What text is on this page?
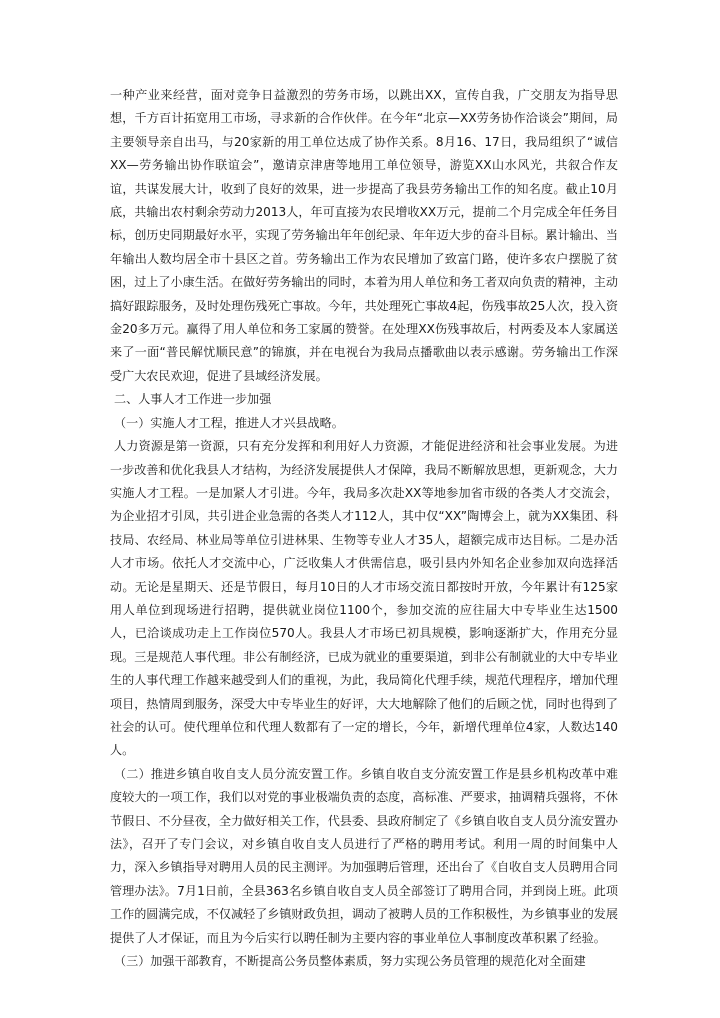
一种产业来经营，面对竞争日益激烈的劳务市场，以跳出XX，宣传自我，广交朋友为指导思想，千方百计拓宽用工市场，寻求新的合作伙伴。在今年“北京—XX劳务协作洽谈会”期间，局主要领导亲自出马，与20家新的用工单位达成了协作关系。8月16、17日，我局组织了“诚信XX—劳务输出协作联谊会”，邀请京津唐等地用工单位领导，游览XX山水风光，共叙合作友谊，共谋发展大计，收到了良好的效果，进一步提高了我县劳务输出工作的知名度。截止10月底，共输出农村剩余劳动力2013人，年可直接为农民增收XX万元，提前二个月完成全年任务目标，创历史同期最好水平，实现了劳务输出年年创纪录、年年迈大步的奋斗目标。累计输出、当年输出人数均居全市十县区之首。劳务输出工作为农民增加了致富门路，使许多农户摆脱了贫困，过上了小康生活。在做好劳务输出的同时，本着为用人单位和务工者双向负责的精神，主动搞好跟踪服务，及时处理伤残死亡事故。今年，共处理死亡事故4起，伤残事故25人次，投入资金20多万元。赢得了用人单位和务工家属的赞誉。在处理XX伤残事故后，村两委及本人家属送来了一面“普民解忧顺民意”的锦旗，并在电视台为我局点播歌曲以表示感谢。劳务输出工作深受广大农民欢迎，促进了县域经济发展。

二、人事人才工作进一步加强

（一）实施人才工程，推进人才兴县战略。

人力资源是第一资源，只有充分发挥和利用好人力资源，才能促进经济和社会事业发展。为进一步改善和优化我县人才结构，为经济发展提供人才保障，我局不断解放思想，更新观念，大力实施人才工程。一是加紧人才引进。今年，我局多次赴XX等地参加省市级的各类人才交流会，为企业招才引凤，共引进企业急需的各类人才112人，其中仅“XX”陶博会上，就为XX集团、科技局、农经局、林业局等单位引进林果、生物等专业人才35人，超额完成市达目标。二是办活人才市场。依托人才交流中心，广泛收集人才供需信息，吸引县内外知名企业参加双向选择活动。无论是星期天、还是节假日，每月10日的人才市场交流日都按时开放，今年累计有125家用人单位到现场进行招聘，提供就业岗位1100个，参加交流的应往届大中专毕业生达1500人，已洽谈成功走上工作岗位570人。我县人才市场已初具规模，影响逐渐扩大，作用充分显现。三是规范人事代理。非公有制经济，已成为就业的重要渠道，到非公有制就业的大中专毕业生的人事代理工作越来越受到人们的重视，为此，我局简化代理手续，规范代理程序，增加代理项目，热情周到服务，深受大中专毕业生的好评，大大地解除了他们的后顾之忧，同时也得到了社会的认可。使代理单位和代理人数都有了一定的增长，今年，新增代理单位4家，人数达140人。

（二）推进乡镇自收自支人员分流安置工作。乡镇自收自支分流安置工作是县乡机构改革中难度较大的一项工作，我们以对党的事业极端负责的态度，高标准、严要求，抽调精兵强将，不休节假日、不分昼夜，全力做好相关工作，代县委、县政府制定了《乡镇自收自支人员分流安置办法》，召开了专门会议，对乡镇自收自支人员进行了严格的聘用考试。利用一周的时间集中人力，深入乡镇指导对聘用人员的民主测评。为加强聘后管理，还出台了《自收自支人员聘用合同管理办法》。7月1日前，全县363名乡镇自收自支人员全部签订了聘用合同，并到岗上班。此项工作的圆满完成，不仅减轻了乡镇财政负担，调动了被聘人员的工作积极性，为乡镇事业的发展提供了人才保证，而且为今后实行以聘任制为主要内容的事业单位人事制度改革积累了经验。

（三）加强干部教育，不断提高公务员整体素质，努力实现公务员管理的规范化对全面建
